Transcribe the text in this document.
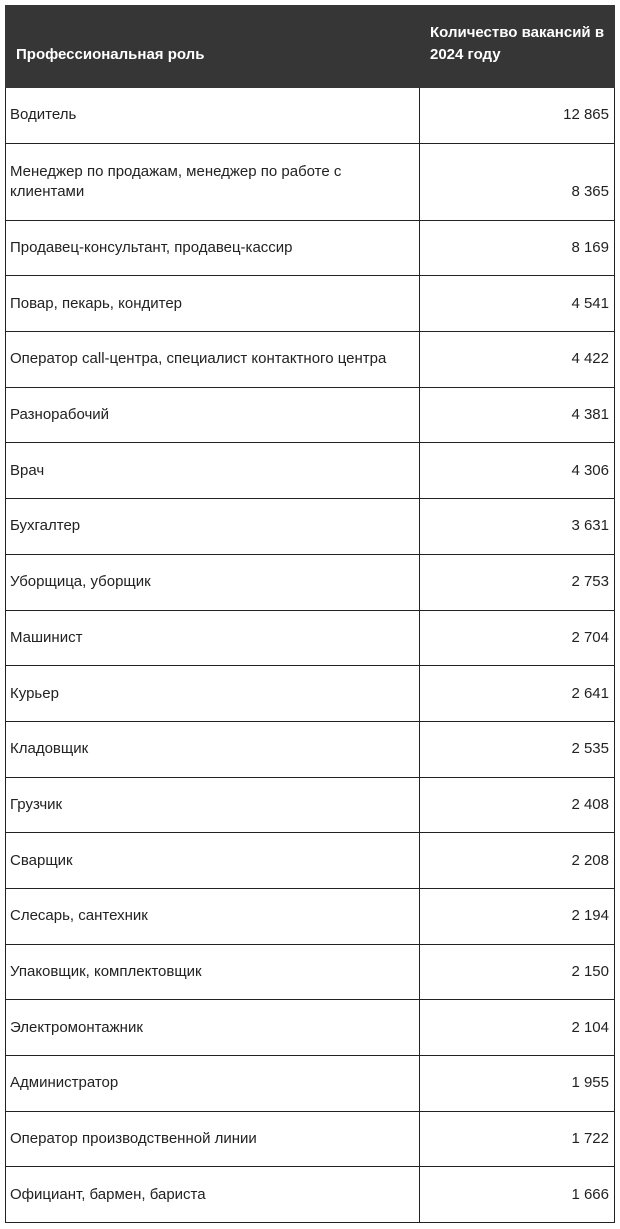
Профессиональная роль	Количество вакансий в 2024 году
Водитель	12 865
Менеджер по продажам, менеджер по работе с клиентами	8 365
Продавец-консультант, продавец-кассир	8 169
Повар, пекарь, кондитер	4 541
Оператор call-центра, специалист контактного центра	4 422
Разнорабочий	4 381
Врач	4 306
Бухгалтер	3 631
Уборщица, уборщик	2 753
Машинист	2 704
Курьер	2 641
Кладовщик	2 535
Грузчик	2 408
Сварщик	2 208
Слесарь, сантехник	2 194
Упаковщик, комплектовщик	2 150
Электромонтажник	2 104
Администратор	1 955
Оператор производственной линии	1 722
Официант, бармен, бариста	1 666
